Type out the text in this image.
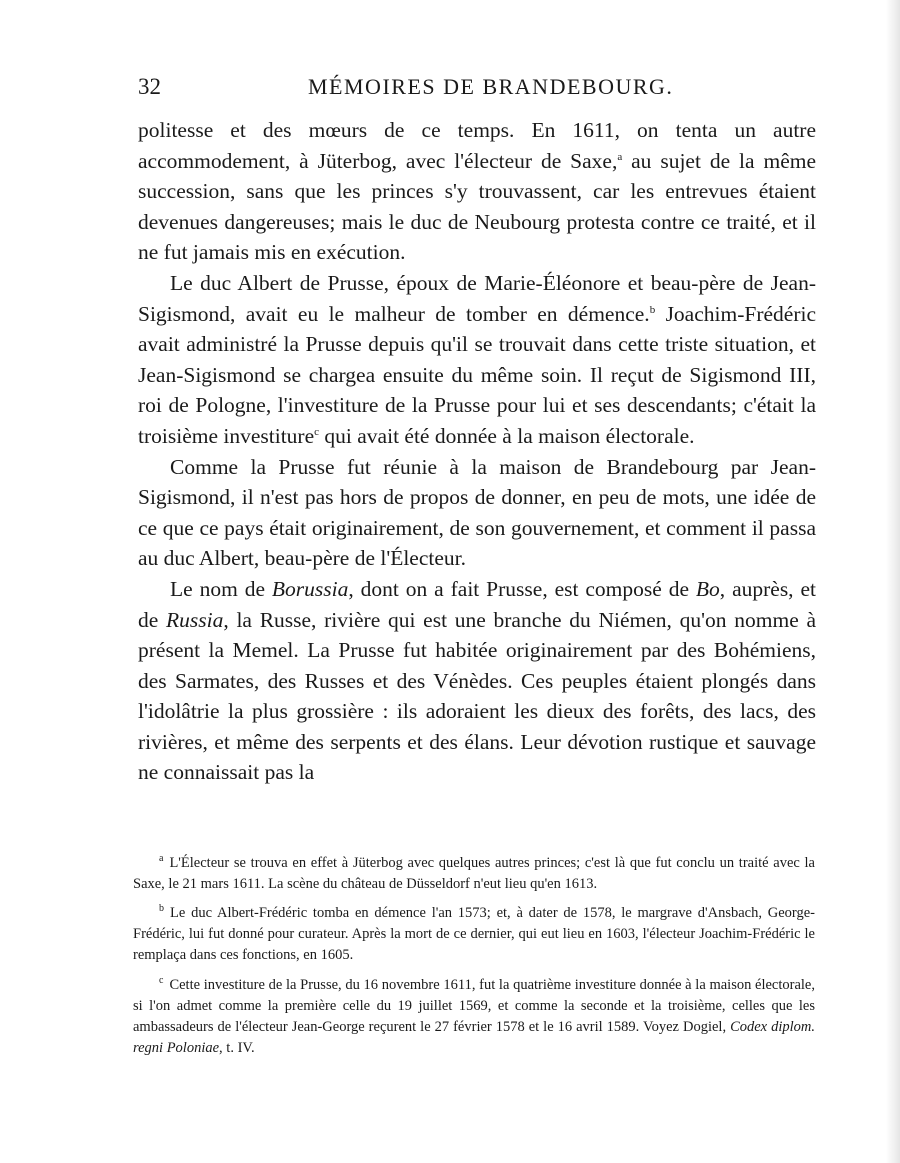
32	MÉMOIRES DE BRANDEBOURG.

politesse et des mœurs de ce temps. En 1611, on tenta un autre accommodement, à Jüterbog, avec l'électeur de Saxe,$^a$ au sujet de la même succession, sans que les princes s'y trouvassent, car les entrevues étaient devenues dangereuses; mais le duc de Neubourg protesta contre ce traité, et il ne fut jamais mis en exécution.

Le duc Albert de Prusse, époux de Marie-Éléonore et beau-père de Jean-Sigismond, avait eu le malheur de tomber en démence.$^b$ Joachim-Frédéric avait administré la Prusse depuis qu'il se trouvait dans cette triste situation, et Jean-Sigismond se chargea ensuite du même soin. Il reçut de Sigismond III, roi de Pologne, l'investiture de la Prusse pour lui et ses descendants; c'était la troisième investiture$^c$ qui avait été donnée à la maison électorale.

Comme la Prusse fut réunie à la maison de Brandebourg par Jean-Sigismond, il n'est pas hors de propos de donner, en peu de mots, une idée de ce que ce pays était originairement, de son gouvernement, et comment il passa au duc Albert, beau-père de l'Électeur.

Le nom de Borussia, dont on a fait Prusse, est composé de Bo, auprès, et de Russia, la Russe, rivière qui est une branche du Niémen, qu'on nomme à présent la Memel. La Prusse fut habitée originairement par des Bohémiens, des Sarmates, des Russes et des Vénèdes. Ces peuples étaient plongés dans l'idolâtrie la plus grossière : ils adoraient les dieux des forêts, des lacs, des rivières, et même des serpents et des élans. Leur dévotion rustique et sauvage ne connaissait pas la

$^a$ L'Électeur se trouva en effet à Jüterbog avec quelques autres princes; c'est là que fut conclu un traité avec la Saxe, le 21 mars 1611. La scène du château de Düsseldorf n'eut lieu qu'en 1613.

$^b$ Le duc Albert-Frédéric tomba en démence l'an 1573; et, à dater de 1578, le margrave d'Ansbach, George-Frédéric, lui fut donné pour curateur. Après la mort de ce dernier, qui eut lieu en 1603, l'électeur Joachim-Frédéric le remplaça dans ces fonctions, en 1605.

$^c$ Cette investiture de la Prusse, du 16 novembre 1611, fut la quatrième investiture donnée à la maison électorale, si l'on admet comme la première celle du 19 juillet 1569, et comme la seconde et la troisième, celles que les ambassadeurs de l'électeur Jean-George reçurent le 27 février 1578 et le 16 avril 1589. Voyez Dogiel, Codex diplom. regni Poloniae, t. IV.
